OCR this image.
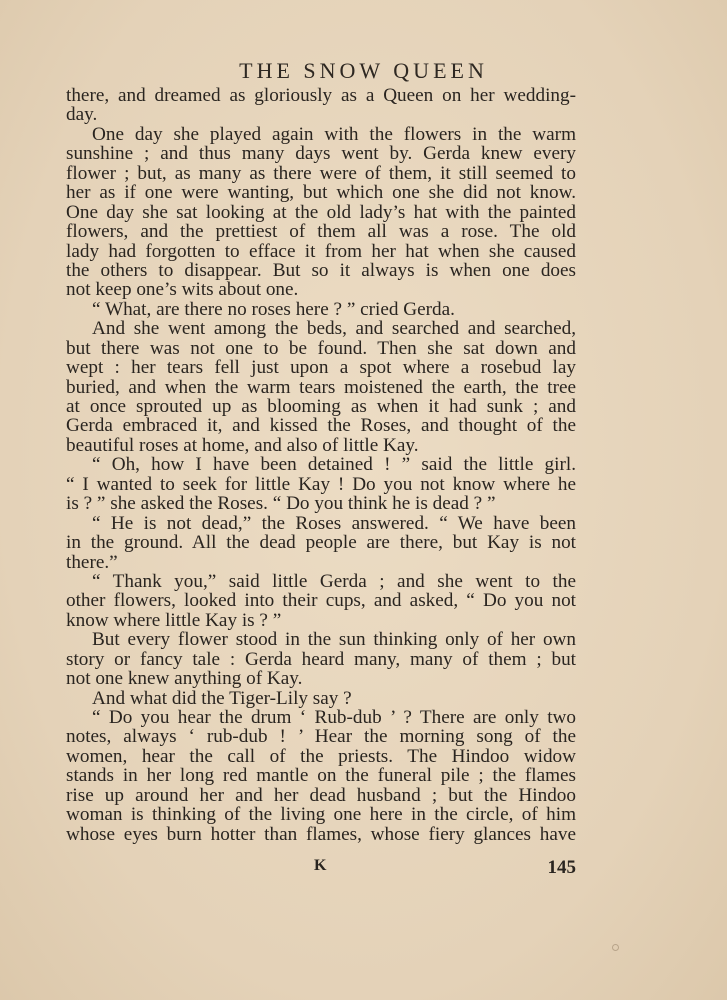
THE SNOW QUEEN
there, and dreamed as gloriously as a Queen on her wedding-
day.
One day she played again with the flowers in the warm
sunshine ; and thus many days went by. Gerda knew every
flower ; but, as many as there were of them, it still seemed to
her as if one were wanting, but which one she did not know.
One day she sat looking at the old lady’s hat with the painted
flowers, and the prettiest of them all was a rose. The old
lady had forgotten to efface it from her hat when she caused
the others to disappear. But so it always is when one does
not keep one’s wits about one.
“ What, are there no roses here ? ” cried Gerda.
And she went among the beds, and searched and searched,
but there was not one to be found. Then she sat down and
wept : her tears fell just upon a spot where a rosebud lay
buried, and when the warm tears moistened the earth, the tree
at once sprouted up as blooming as when it had sunk ; and
Gerda embraced it, and kissed the Roses, and thought of the
beautiful roses at home, and also of little Kay.
“ Oh, how I have been detained ! ” said the little girl.
“ I wanted to seek for little Kay ! Do you not know where he
is ? ” she asked the Roses. “ Do you think he is dead ? ”
“ He is not dead,” the Roses answered. “ We have been
in the ground. All the dead people are there, but Kay is not
there.”
“ Thank you,” said little Gerda ; and she went to the
other flowers, looked into their cups, and asked, “ Do you not
know where little Kay is ? ”
But every flower stood in the sun thinking only of her own
story or fancy tale : Gerda heard many, many of them ; but
not one knew anything of Kay.
And what did the Tiger-Lily say ?
“ Do you hear the drum ‘ Rub-dub ’ ? There are only two
notes, always ‘ rub-dub ! ’ Hear the morning song of the
women, hear the call of the priests. The Hindoo widow
stands in her long red mantle on the funeral pile ; the flames
rise up around her and her dead husband ; but the Hindoo
woman is thinking of the living one here in the circle, of him
whose eyes burn hotter than flames, whose fiery glances have
K	145
